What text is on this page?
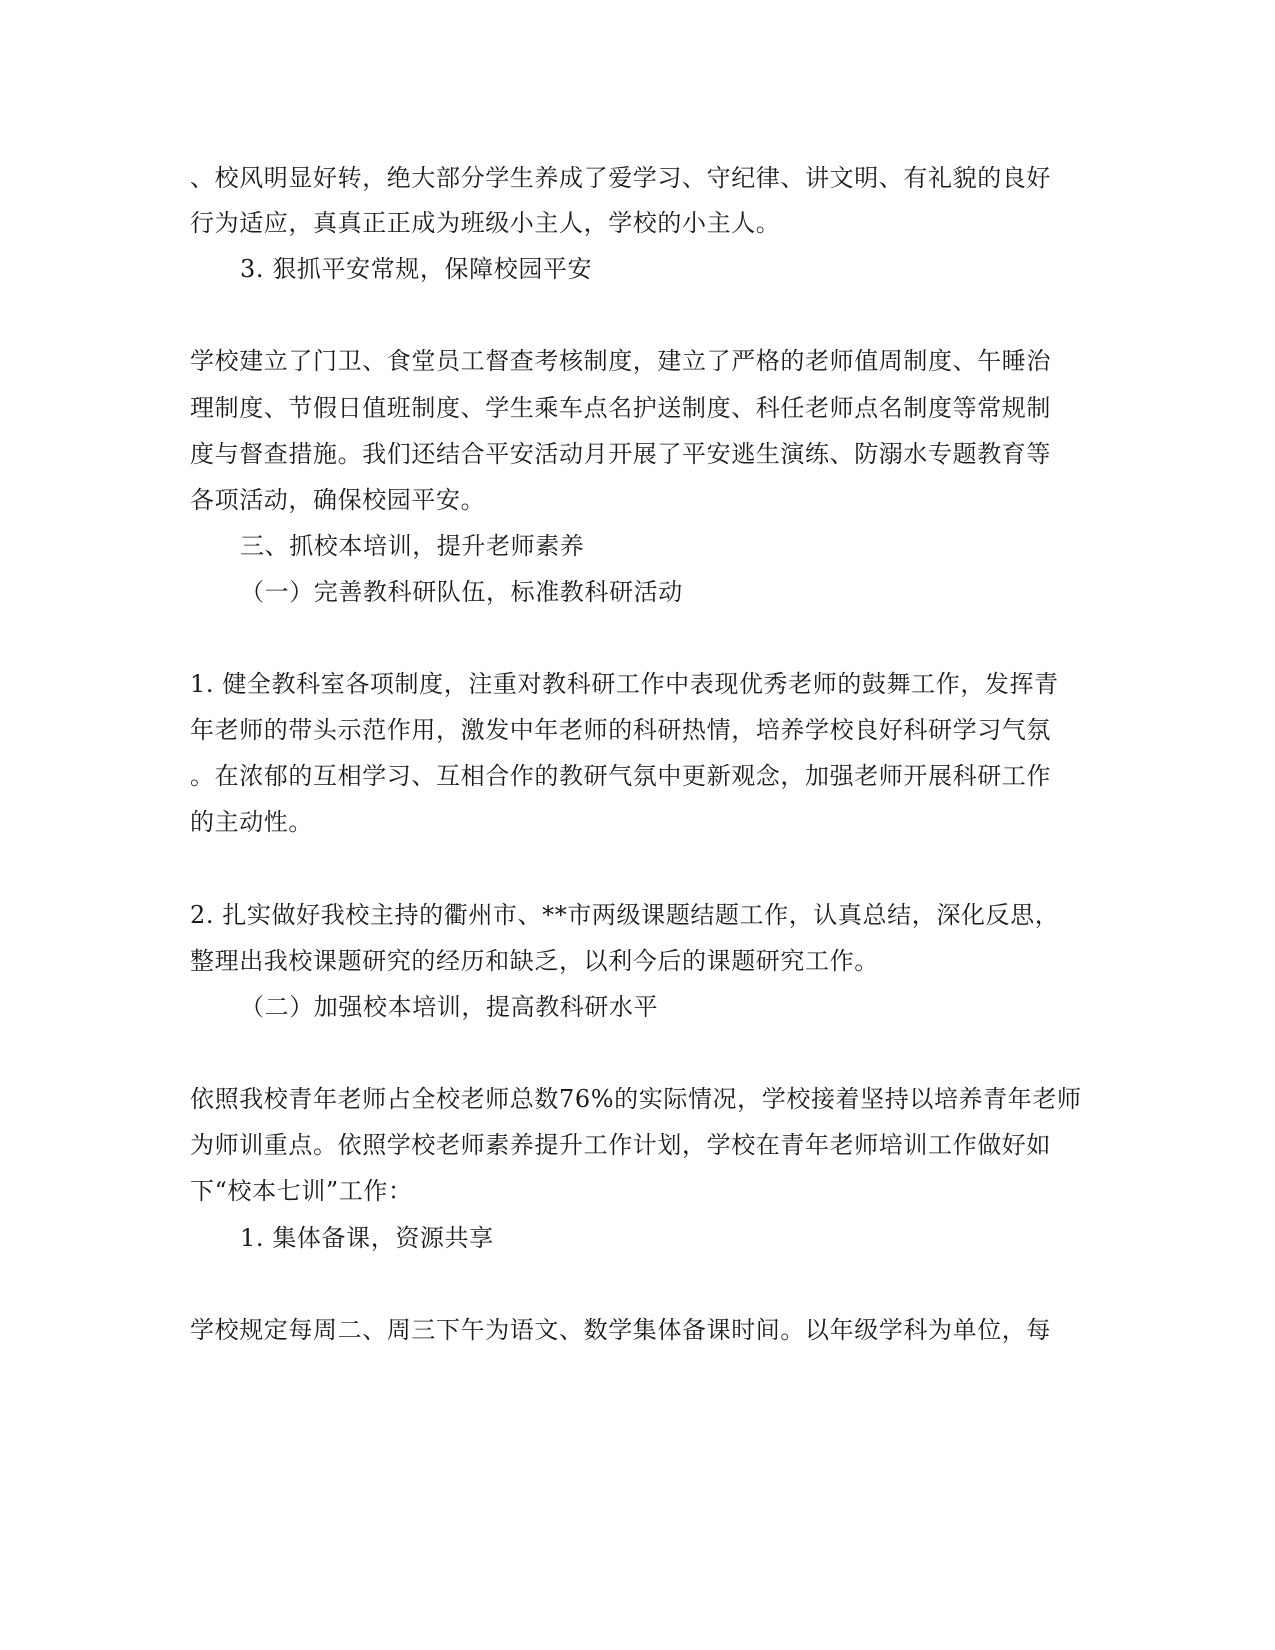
、校风明显好转，绝大部分学生养成了爱学习、守纪律、讲文明、有礼貌的良好
行为适应，真真正正成为班级小主人，学校的小主人。
3. 狠抓平安常规，保障校园平安
学校建立了门卫、食堂员工督查考核制度，建立了严格的老师值周制度、午睡治
理制度、节假日值班制度、学生乘车点名护送制度、科任老师点名制度等常规制
度与督查措施。我们还结合平安活动月开展了平安逃生演练、防溺水专题教育等
各项活动，确保校园平安。
三、抓校本培训，提升老师素养
（一）完善教科研队伍，标准教科研活动
1. 健全教科室各项制度，注重对教科研工作中表现优秀老师的鼓舞工作，发挥青
年老师的带头示范作用，激发中年老师的科研热情，培养学校良好科研学习气氛
。在浓郁的互相学习、互相合作的教研气氛中更新观念，加强老师开展科研工作
的主动性。
2. 扎实做好我校主持的衢州市、**市两级课题结题工作，认真总结，深化反思，
整理出我校课题研究的经历和缺乏，以利今后的课题研究工作。
（二）加强校本培训，提高教科研水平
依照我校青年老师占全校老师总数76%的实际情况，学校接着坚持以培养青年老师
为师训重点。依照学校老师素养提升工作计划，学校在青年老师培训工作做好如
下“校本七训”工作：
1. 集体备课，资源共享
学校规定每周二、周三下午为语文、数学集体备课时间。以年级学科为单位，每
